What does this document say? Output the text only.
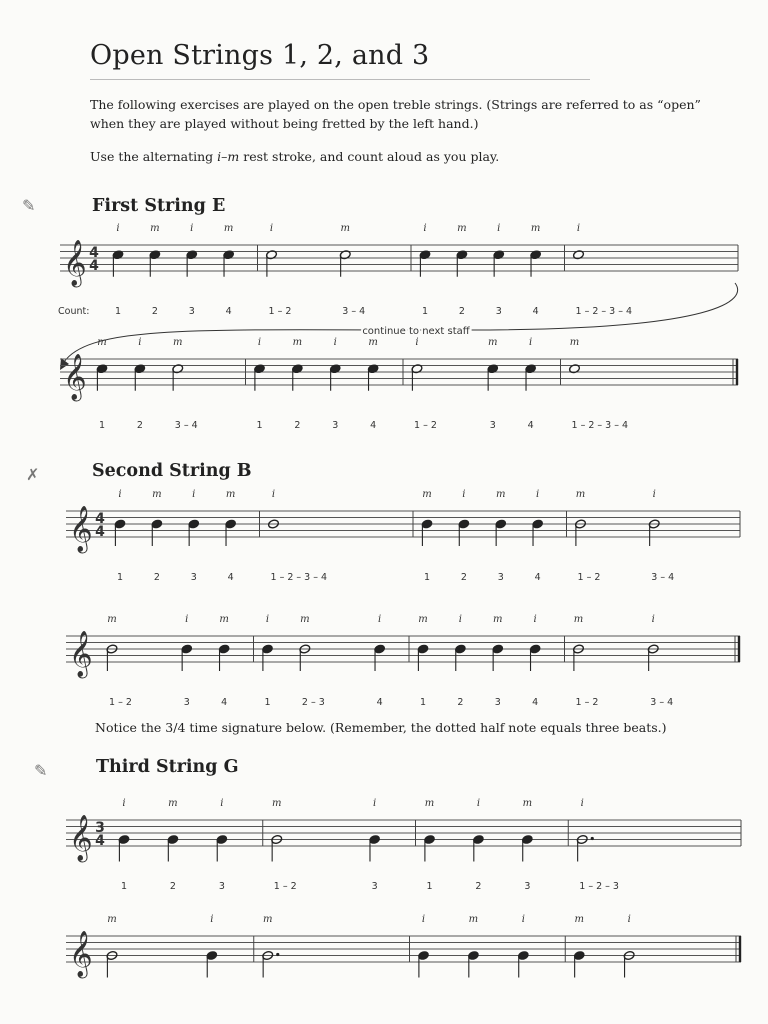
Open Strings 1, 2, and 3

The following exercises are played on the open treble strings. (Strings are referred to as “open” when they are played without being fretted by the left hand.)

Use the alternating i–m rest stroke, and count aloud as you play.

✎	First String E
✗	Second String B

Notice the 3/4 time signature below. (Remember, the dotted half note equals three beats.)

✎	Third String G
𝄞 4
4
i
1
m
2
i
3
m
4
i
1 – 2
m
3 – 4
i
1
m
2
i
3
m
4
i
1 – 2 – 3 – 4
Count:
continue to next staff
𝄞
m
1
i
2
m
3 – 4
i
1
m
2
i
3
m
4
i
1 – 2
m
3
i
4
m
1 – 2 – 3 – 4
𝄞 4
4
i
1
m
2
i
3
m
4
i
1 – 2 – 3 – 4
m
1
i
2
m
3
i
4
m
1 – 2
i
3 – 4
𝄞
m
1 – 2
i
3
m
4
i
1
m
2 – 3
i
4
m
1
i
2
m
3
i
4
m
1 – 2
i
3 – 4
𝄞 3
4
i
1
m
2
i
3
m
1 – 2
i
3
m
1
i
2
m
3
i
1 – 2 – 3
𝄞
m	i	m	i	m	i	m	i
